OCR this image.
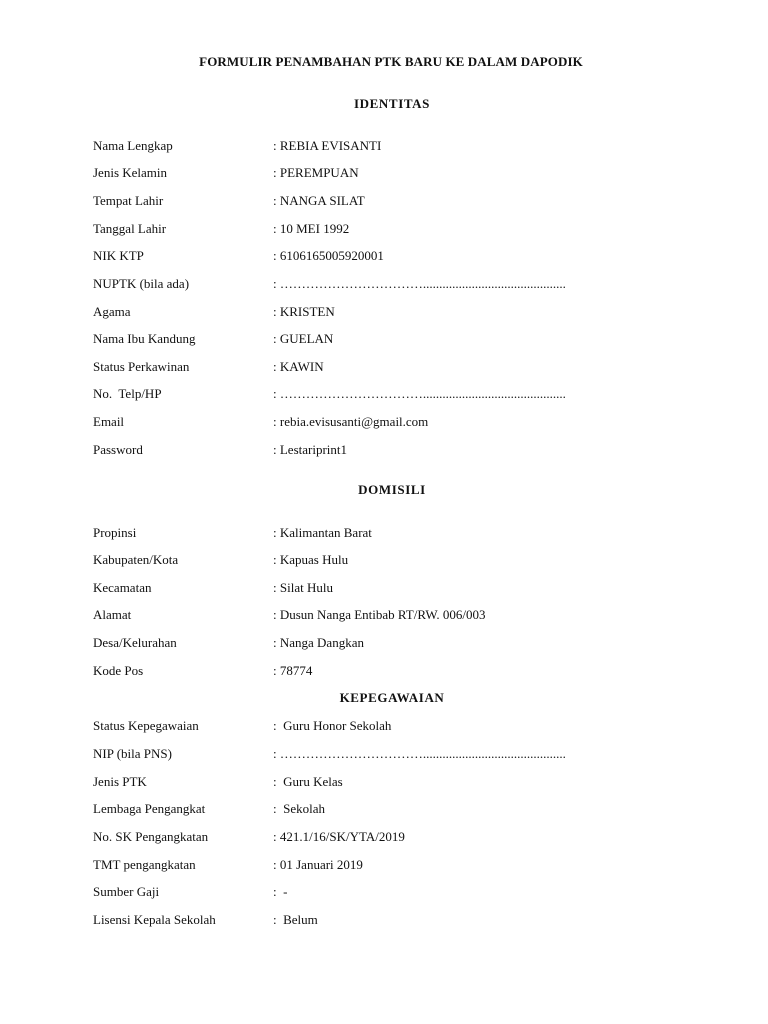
FORMULIR PENAMBAHAN PTK BARU KE DALAM DAPODIK
IDENTITAS
Nama Lengkap	: REBIA EVISANTI
Jenis Kelamin	: PEREMPUAN
Tempat Lahir	: NANGA SILAT
Tanggal Lahir	: 10 MEI 1992
NIK KTP	: 6106165005920001
NUPTK (bila ada)	: ……………………………............................................
Agama	: KRISTEN
Nama Ibu Kandung	: GUELAN
Status Perkawinan	: KAWIN
No.  Telp/HP	: ……………………………............................................
Email	: rebia.evisusanti@gmail.com
Password	: Lestariprint1
DOMISILI
Propinsi	: Kalimantan Barat
Kabupaten/Kota	: Kapuas Hulu
Kecamatan	: Silat Hulu
Alamat	: Dusun Nanga Entibab RT/RW. 006/003
Desa/Kelurahan	: Nanga Dangkan
Kode Pos	: 78774
KEPEGAWAIAN
Status Kepegawaian	:  Guru Honor Sekolah
NIP (bila PNS)	: ……………………………............................................
Jenis PTK	:  Guru Kelas
Lembaga Pengangkat	:  Sekolah
No. SK Pengangkatan	: 421.1/16/SK/YTA/2019
TMT pengangkatan	: 01 Januari 2019
Sumber Gaji	:  -
Lisensi Kepala Sekolah	:  Belum
